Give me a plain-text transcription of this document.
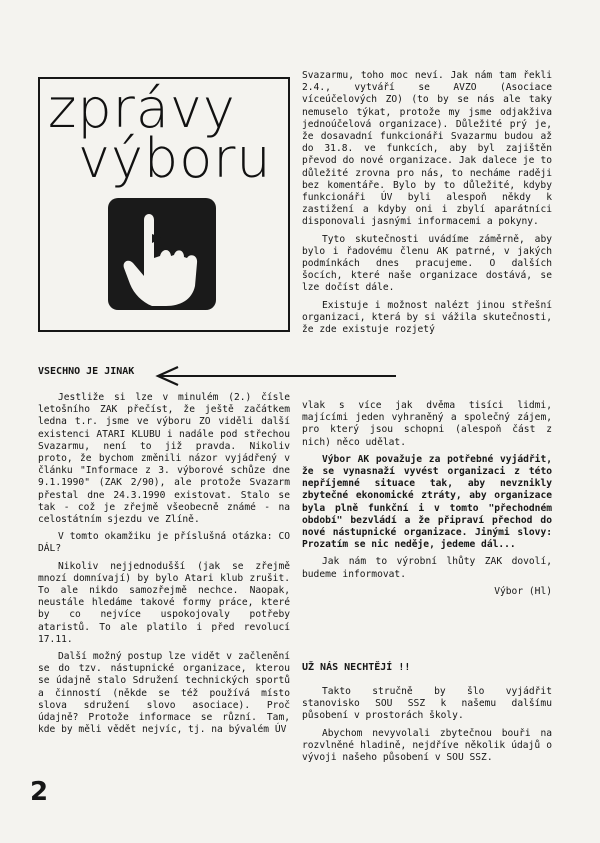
zprávy
výboru

Svazarmu, toho moc neví. Jak nám tam řekli 2.4., vytváří se AVZO (Asociace víceúčelových ZO) (to by se nás ale taky nemuselo týkat, protože my jsme odjakživa jednoúčelová organizace). Důležité prý je, že dosavadní funkcionáři Svazarmu budou až do 31.8. ve funkcích, aby byl zajištěn převod do nové organizace. Jak dalece je to důležité zrovna pro nás, to necháme raději bez komentáře. Bylo by to důležité, kdyby funkcionáři ÚV byli alespoň někdy k zastižení a kdyby oni i zbylí aparátníci disponovali jasnými informacemi a pokyny.

Tyto skutečnosti uvádíme záměrně, aby bylo i řadovému členu AK patrné, v jakých podmínkách dnes pracujeme. O dalších šocích, které naše organizace dostává, se lze dočíst dále.

Existuje i možnost nalézt jinou střešní organizaci, která by si vážila skutečnosti, že zde existuje rozjetý

VSECHNO JE JINAK

Jestliže si lze v minulém (2.) čísle letošního ZAK přečíst, že ještě začátkem ledna t.r. jsme ve výboru ZO viděli další existenci ATARI KLUBU i nadále pod střechou Svazarmu, není to již pravda. Nikoliv proto, že bychom změnili názor vyjádřený v článku "Informace z 3. výborové schůze dne 9.1.1990" (ZAK 2/90), ale protože Svazarm přestal dne 24.3.1990 existovat. Stalo se tak - což je zřejmě všeobecně známé - na celostátním sjezdu ve Zlíně.

V tomto okamžiku je příslušná otázka: CO DÁL?

Nikoliv nejjednodušší (jak se zřejmě mnozí domnívají) by bylo Atari klub zrušit. To ale nikdo samozřejmě nechce. Naopak, neustále hledáme takové formy práce, které by co nejvíce uspokojovaly potřeby ataristů. To ale platilo i před revolucí 17.11.

Další možný postup lze vidět v začlenění se do tzv. nástupnické organizace, kterou se údajně stalo Sdružení technických sportů a činností (někde se též používá místo slova sdružení slovo asociace). Proč údajně? Protože informace se různí. Tam, kde by měli vědět nejvíc, tj. na bývalém ÚV

vlak s více jak dvěma tisíci lidmi, majícími jeden vyhraněný a společný zájem, pro který jsou schopni (alespoň část z nich) něco udělat.

Výbor AK považuje za potřebné vyjádřit, že se vynasnaží vyvést organizaci z této nepříjemné situace tak, aby nevznikly zbytečné ekonomické ztráty, aby organizace byla plně funkční i v tomto "přechodném období" bezvládí a že připraví přechod do nové nástupnické organizace. Jinými slovy: Prozatím se nic neděje, jedeme dál...

Jak nám to výrobní lhůty ZAK dovolí, budeme informovat.

Výbor (Hl)

UŽ NÁS NECHTĚJÍ !!

Takto stručně by šlo vyjádřit stanovisko SOU SSZ k našemu dalšímu působení v prostorách školy.

Abychom nevyvolali zbytečnou bouři na rozvlněné hladině, nejdříve několik údajů o vývoji našeho působení v SOU SSZ.

2
